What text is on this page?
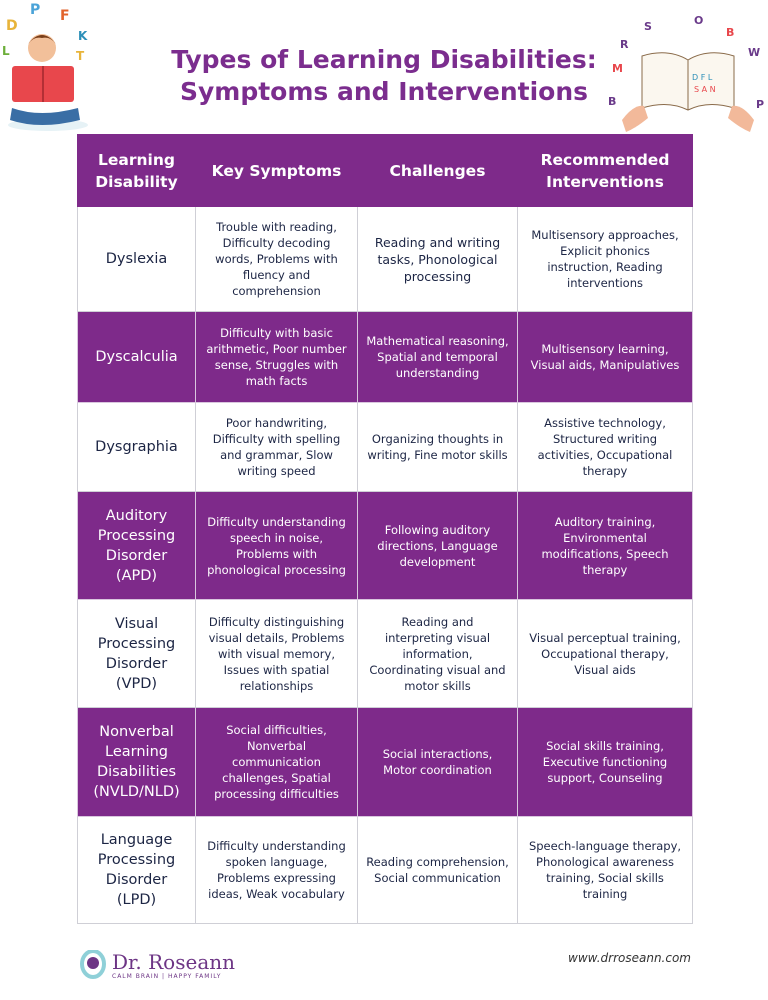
P F
D
K
L	T	Types of Learning Disabilities:
Symptoms and Interventions
R
S	O
B
W
M
B	P
D F L
S A N
Learning Disability	Key Symptoms	Challenges	Recommended Interventions
Dyslexia	Trouble with reading, Difficulty decoding words, Problems with fluency and comprehension	Reading and writing tasks, Phonological processing	Multisensory approaches, Explicit phonics instruction, Reading interventions
Dyscalculia	Difficulty with basic arithmetic, Poor number sense, Struggles with math facts	Mathematical reasoning, Spatial and temporal understanding	Multisensory learning, Visual aids, Manipulatives
Dysgraphia	Poor handwriting, Difficulty with spelling and grammar, Slow writing speed	Organizing thoughts in writing, Fine motor skills	Assistive technology, Structured writing activities, Occupational therapy
Auditory Processing Disorder (APD)	Difficulty understanding speech in noise, Problems with phonological processing	Following auditory directions, Language development	Auditory training, Environmental modifications, Speech therapy
Visual Processing Disorder (VPD)	Difficulty distinguishing visual details, Problems with visual memory, Issues with spatial relationships	Reading and interpreting visual information, Coordinating visual and motor skills	Visual perceptual training, Occupational therapy, Visual aids
Nonverbal Learning Disabilities (NVLD/NLD)	Social difficulties, Nonverbal communication challenges, Spatial processing difficulties	Social interactions, Motor coordination	Social skills training, Executive functioning support, Counseling
Language Processing Disorder (LPD)	Difficulty understanding spoken language, Problems expressing ideas, Weak vocabulary	Reading comprehension, Social communication	Speech-language therapy, Phonological awareness training, Social skills training
Dr. Roseann
CALM BRAIN | HAPPY FAMILY
www.drroseann.com
